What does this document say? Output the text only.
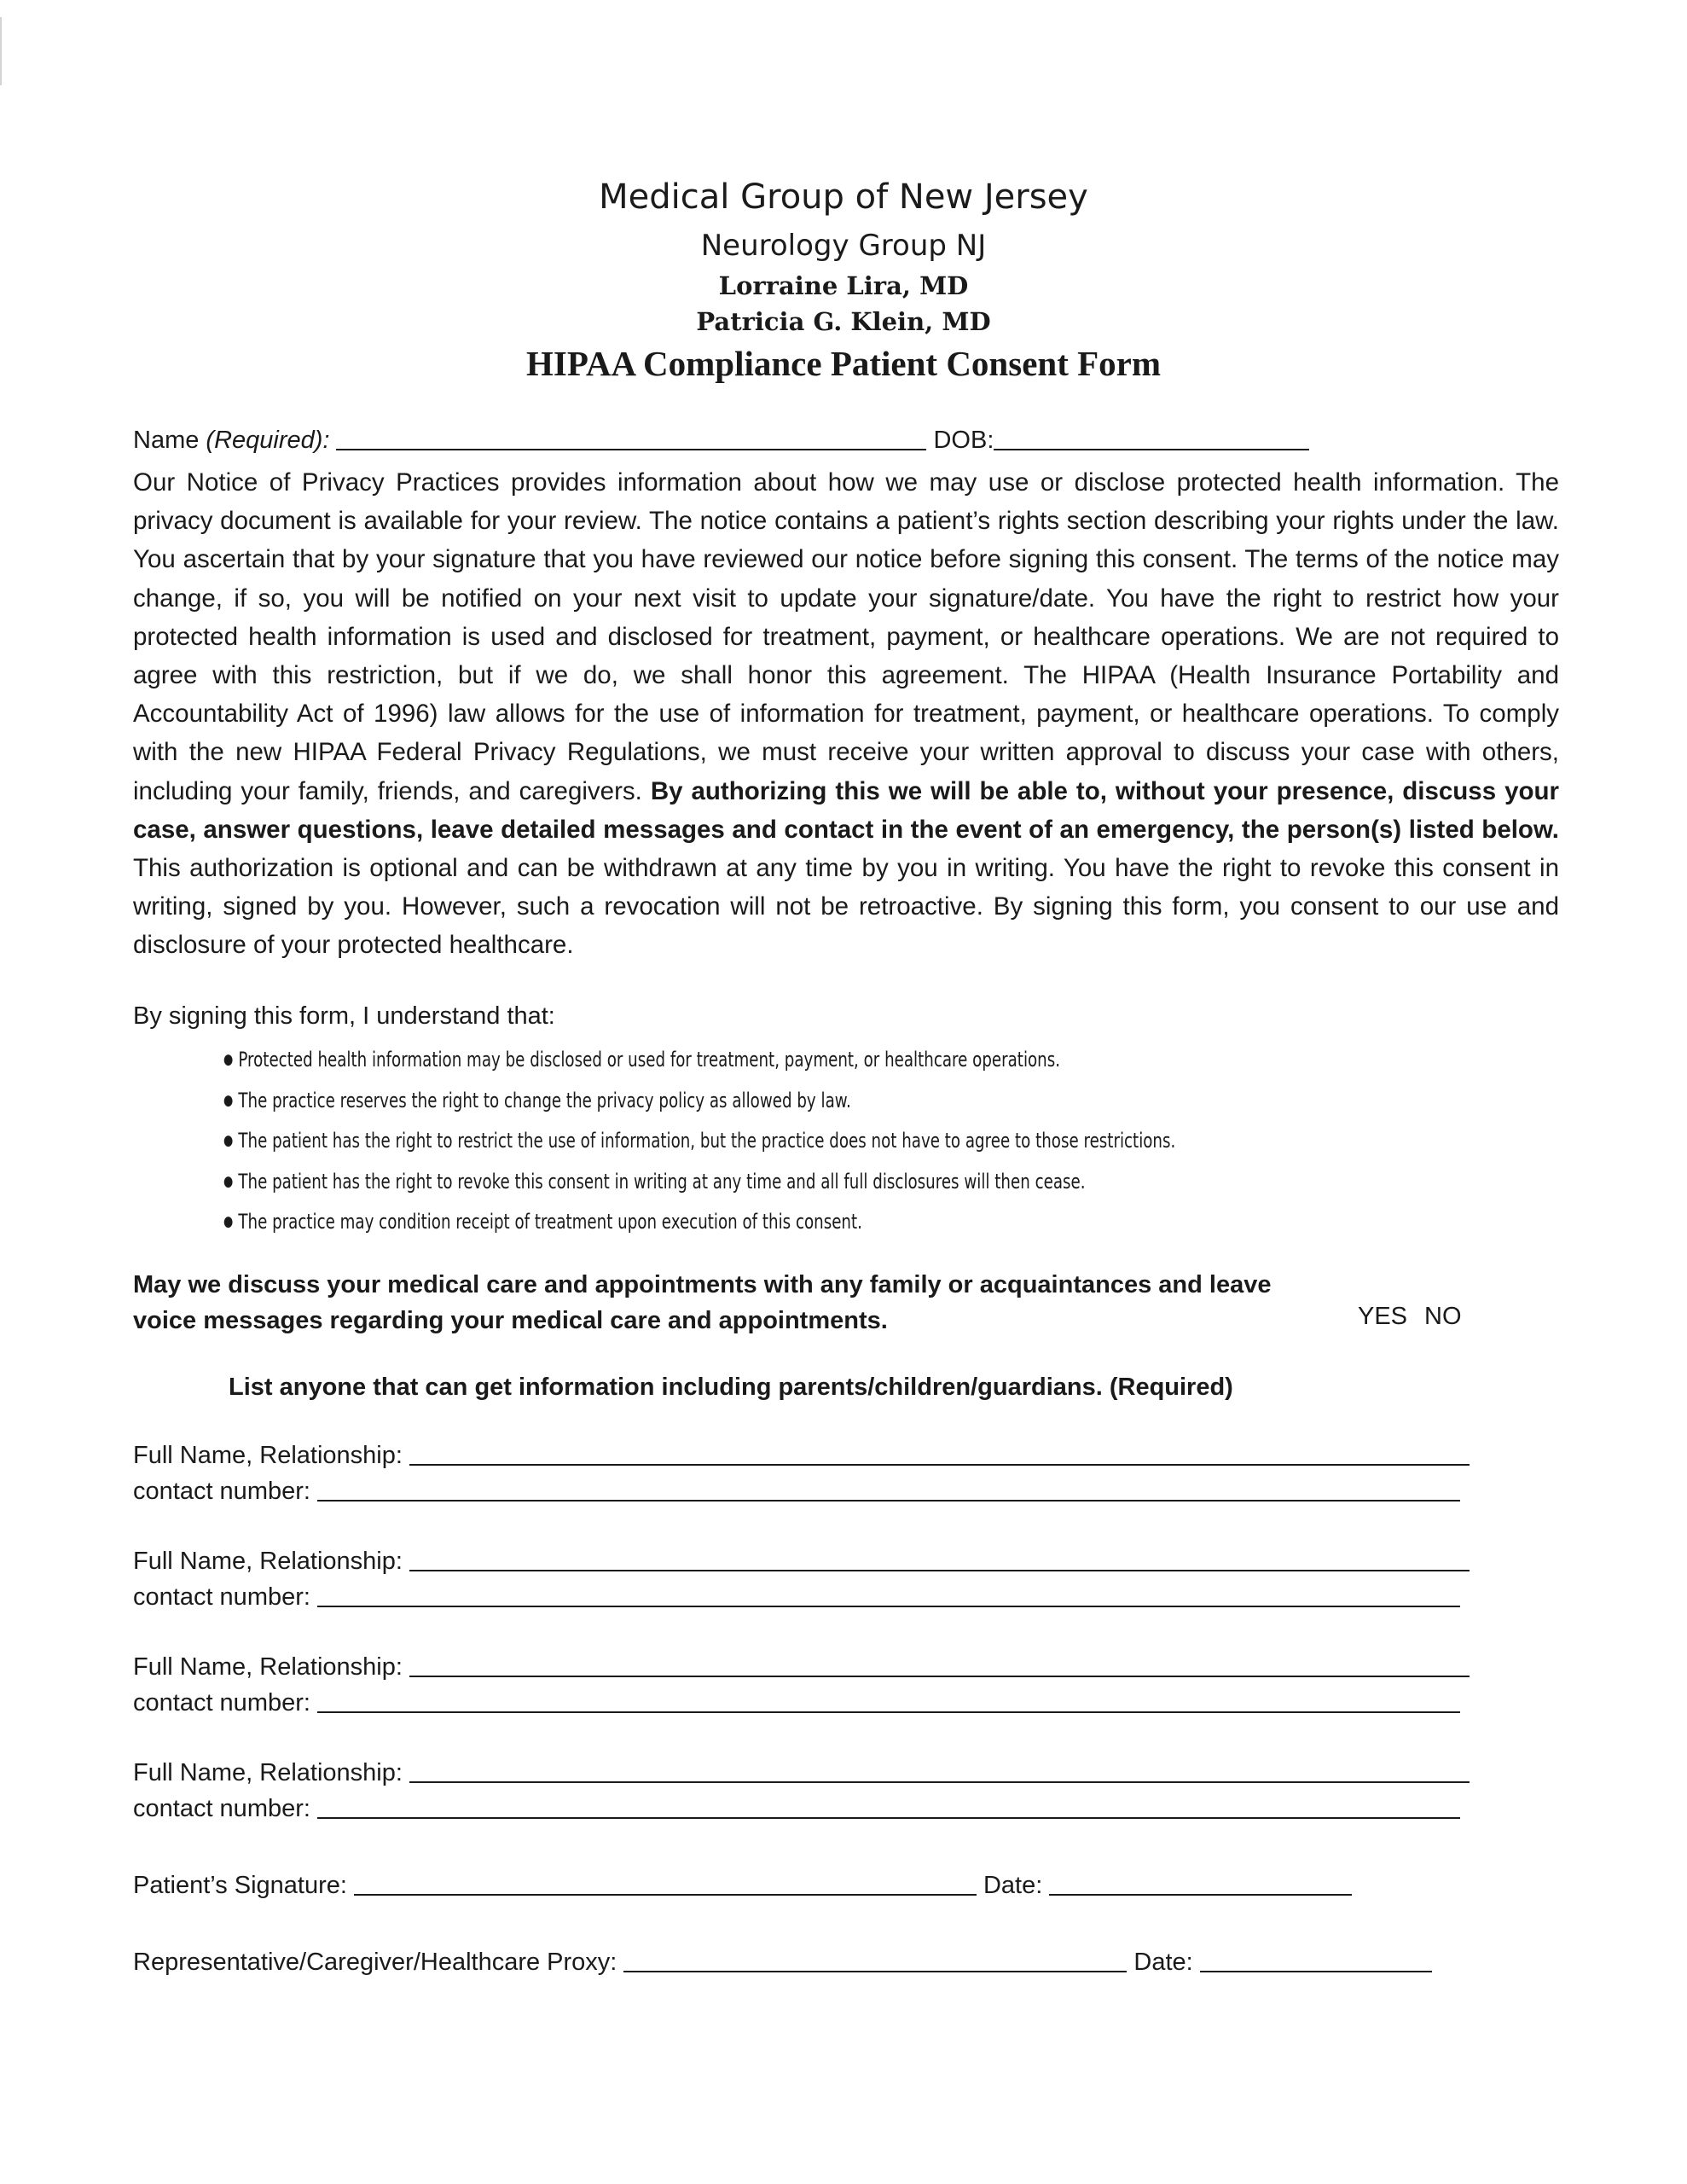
Medical Group of New Jersey
Neurology Group NJ
Lorraine Lira, MD
Patricia G. Klein, MD
HIPAA Compliance Patient Consent Form
Name (Required):	DOB:
Our Notice of Privacy Practices provides information about how we may use or disclose protected health information. The privacy document is available for your review. The notice contains a patient’s rights section describing your rights under the law. You ascertain that by your signature that you have reviewed our notice before signing this consent. The terms of the notice may change, if so, you will be notified on your next visit to update your signature/date. You have the right to restrict how your protected health information is used and disclosed for treatment, payment, or healthcare operations. We are not required to agree with this restriction, but if we do, we shall honor this agreement. The HIPAA (Health Insurance Portability and Accountability Act of 1996) law allows for the use of information for treatment, payment, or healthcare operations. To comply with the new HIPAA Federal Privacy Regulations, we must receive your written approval to discuss your case with others, including your family, friends, and caregivers. By authorizing this we will be able to, without your presence, discuss your case, answer questions, leave detailed messages and contact in the event of an emergency, the person(s) listed below. This authorization is optional and can be withdrawn at any time by you in writing. You have the right to revoke this consent in writing, signed by you. However, such a revocation will not be retroactive. By signing this form, you consent to our use and disclosure of your protected healthcare.
By signing this form, I understand that:
● Protected health information may be disclosed or used for treatment, payment, or healthcare operations.
● The practice reserves the right to change the privacy policy as allowed by law.
● The patient has the right to restrict the use of information, but the practice does not have to agree to those restrictions.
● The patient has the right to revoke this consent in writing at any time and all full disclosures will then cease.
● The practice may condition receipt of treatment upon execution of this consent.
May we discuss your medical care and appointments with any family or acquaintances and leave
voice messages regarding your medical care and appointments.	YES NO
List anyone that can get information including parents/children/guardians. (Required)
Full Name, Relationship:
contact number:
Full Name, Relationship:
contact number:
Full Name, Relationship:
contact number:
Full Name, Relationship:
contact number:
Patient’s Signature:	Date:
Representative/Caregiver/Healthcare Proxy:	Date:
